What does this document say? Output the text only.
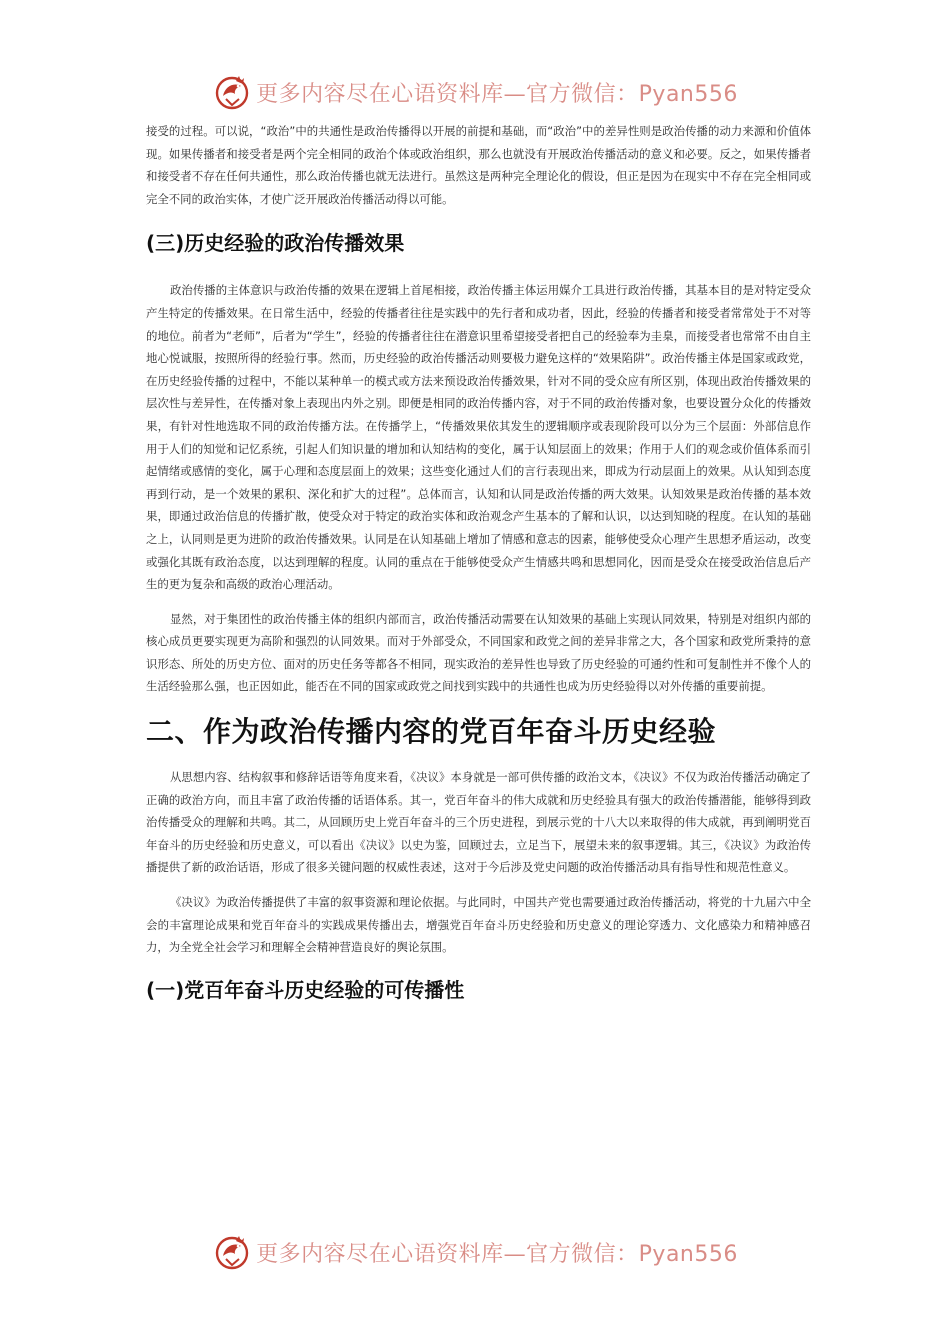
更多内容尽在心语资料库—官方微信：Pyan556

接受的过程。可以说，“政治”中的共通性是政治传播得以开展的前提和基础，而“政治”中的差异性则是政治传播的动力来源和价值体现。如果传播者和接受者是两个完全相同的政治个体或政治组织，那么也就没有开展政治传播活动的意义和必要。反之，如果传播者和接受者不存在任何共通性，那么政治传播也就无法进行。虽然这是两种完全理论化的假设，但正是因为在现实中不存在完全相同或完全不同的政治实体，才使广泛开展政治传播活动得以可能。

(三)历史经验的政治传播效果

政治传播的主体意识与政治传播的效果在逻辑上首尾相接，政治传播主体运用媒介工具进行政治传播，其基本目的是对特定受众产生特定的传播效果。在日常生活中，经验的传播者往往是实践中的先行者和成功者，因此，经验的传播者和接受者常常处于不对等的地位。前者为“老师”，后者为“学生”，经验的传播者往往在潜意识里希望接受者把自己的经验奉为圭臬，而接受者也常常不由自主地心悦诚服，按照所得的经验行事。然而，历史经验的政治传播活动则要极力避免这样的“效果陷阱”。政治传播主体是国家或政党，在历史经验传播的过程中，不能以某种单一的模式或方法来预设政治传播效果，针对不同的受众应有所区别，体现出政治传播效果的层次性与差异性，在传播对象上表现出内外之别。即便是相同的政治传播内容，对于不同的政治传播对象，也要设置分众化的传播效果，有针对性地选取不同的政治传播方法。在传播学上，“传播效果依其发生的逻辑顺序或表现阶段可以分为三个层面：外部信息作用于人们的知觉和记忆系统，引起人们知识量的增加和认知结构的变化，属于认知层面上的效果；作用于人们的观念或价值体系而引起情绪或感情的变化，属于心理和态度层面上的效果；这些变化通过人们的言行表现出来，即成为行动层面上的效果。从认知到态度再到行动，是一个效果的累积、深化和扩大的过程”。总体而言，认知和认同是政治传播的两大效果。认知效果是政治传播的基本效果，即通过政治信息的传播扩散，使受众对于特定的政治实体和政治观念产生基本的了解和认识，以达到知晓的程度。在认知的基础之上，认同则是更为进阶的政治传播效果。认同是在认知基础上增加了情感和意志的因素，能够使受众心理产生思想矛盾运动，改变或强化其既有政治态度，以达到理解的程度。认同的重点在于能够使受众产生情感共鸣和思想同化，因而是受众在接受政治信息后产生的更为复杂和高级的政治心理活动。

显然，对于集团性的政治传播主体的组织内部而言，政治传播活动需要在认知效果的基础上实现认同效果，特别是对组织内部的核心成员更要实现更为高阶和强烈的认同效果。而对于外部受众，不同国家和政党之间的差异非常之大，各个国家和政党所秉持的意识形态、所处的历史方位、面对的历史任务等都各不相同，现实政治的差异性也导致了历史经验的可通约性和可复制性并不像个人的生活经验那么强，也正因如此，能否在不同的国家或政党之间找到实践中的共通性也成为历史经验得以对外传播的重要前提。

二、作为政治传播内容的党百年奋斗历史经验

从思想内容、结构叙事和修辞话语等角度来看，《决议》本身就是一部可供传播的政治文本，《决议》不仅为政治传播活动确定了正确的政治方向，而且丰富了政治传播的话语体系。其一，党百年奋斗的伟大成就和历史经验具有强大的政治传播潜能，能够得到政治传播受众的理解和共鸣。其二，从回顾历史上党百年奋斗的三个历史进程，到展示党的十八大以来取得的伟大成就，再到阐明党百年奋斗的历史经验和历史意义，可以看出《决议》以史为鉴，回顾过去，立足当下，展望未来的叙事逻辑。其三，《决议》为政治传播提供了新的政治话语，形成了很多关键问题的权威性表述，这对于今后涉及党史问题的政治传播活动具有指导性和规范性意义。

《决议》为政治传播提供了丰富的叙事资源和理论依据。与此同时，中国共产党也需要通过政治传播活动，将党的十九届六中全会的丰富理论成果和党百年奋斗的实践成果传播出去，增强党百年奋斗历史经验和历史意义的理论穿透力、文化感染力和精神感召力，为全党全社会学习和理解全会精神营造良好的舆论氛围。

(一)党百年奋斗历史经验的可传播性
更多内容尽在心语资料库—官方微信：Pyan556
